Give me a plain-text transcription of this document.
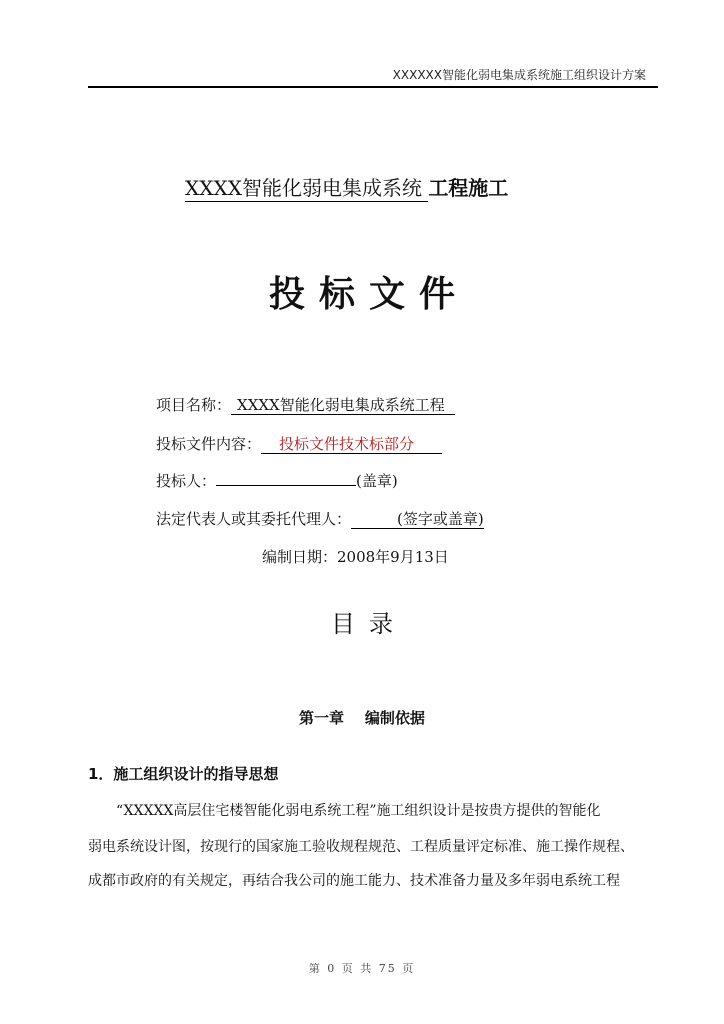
XXXXXX智能化弱电集成系统施工组织设计方案
XXXX智能化弱电集成系统 工程施工
投标文件
项目名称： XXXX智能化弱电集成系统工程
投标文件内容： 投标文件技术标部分
投标人：	(盖章)
法定代表人或其委托代理人：	(签字或盖章)
编制日期：2008年9月13日
目录
第一章    编制依据
1．施工组织设计的指导思想
“XXXXX高层住宅楼智能化弱电系统工程”施工组织设计是按贵方提供的智能化
弱电系统设计图，按现行的国家施工验收规程规范、工程质量评定标准、施工操作规程、
成都市政府的有关规定，再结合我公司的施工能力、技术准备力量及多年弱电系统工程
第 0 页 共 75 页
